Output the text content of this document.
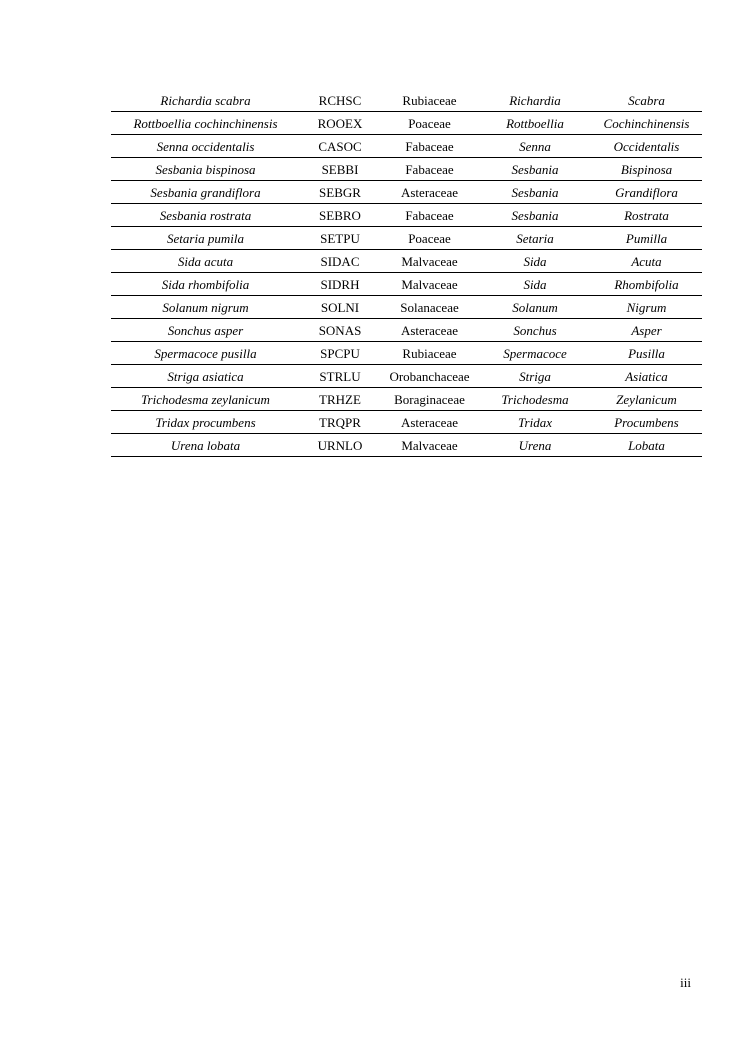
Richardia scabra	RCHSC	Rubiaceae	Richardia	Scabra
Rottboellia cochinchinensis	ROOEX	Poaceae	Rottboellia	Cochinchinensis
Senna occidentalis	CASOC	Fabaceae	Senna	Occidentalis
Sesbania bispinosa	SEBBI	Fabaceae	Sesbania	Bispinosa
Sesbania grandiflora	SEBGR	Asteraceae	Sesbania	Grandiflora
Sesbania rostrata	SEBRO	Fabaceae	Sesbania	Rostrata
Setaria pumila	SETPU	Poaceae	Setaria	Pumilla
Sida acuta	SIDAC	Malvaceae	Sida	Acuta
Sida rhombifolia	SIDRH	Malvaceae	Sida	Rhombifolia
Solanum nigrum	SOLNI	Solanaceae	Solanum	Nigrum
Sonchus asper	SONAS	Asteraceae	Sonchus	Asper
Spermacoce pusilla	SPCPU	Rubiaceae	Spermacoce	Pusilla
Striga asiatica	STRLU	Orobanchaceae	Striga	Asiatica
Trichodesma zeylanicum	TRHZE	Boraginaceae	Trichodesma	Zeylanicum
Tridax procumbens	TRQPR	Asteraceae	Tridax	Procumbens
Urena lobata	URNLO	Malvaceae	Urena	Lobata
iii
